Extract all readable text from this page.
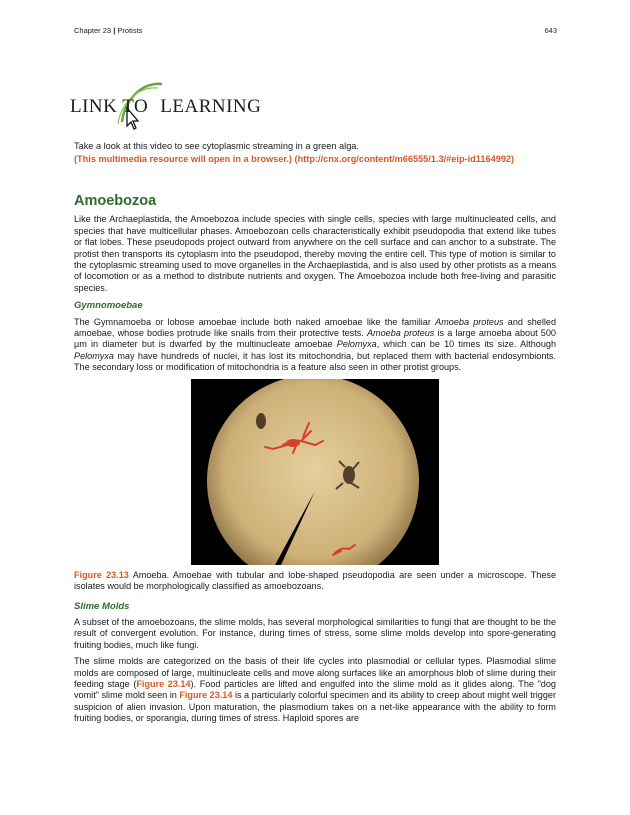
Chapter 23 | Protists	643
LINK TO LEARNING
Take a look at this video to see cytoplasmic streaming in a green alga.
(This multimedia resource will open in a browser.) (http://cnx.org/content/m66555/1.3/#eip-id1164992)
Amoebozoa

Like the Archaeplastida, the Amoebozoa include species with single cells, species with large multinucleated cells, and species that have multicellular phases. Amoebozoan cells characteristically exhibit pseudopodia that extend like tubes or flat lobes. These pseudopods project outward from anywhere on the cell surface and can anchor to a substrate. The protist then transports its cytoplasm into the pseudopod, thereby moving the entire cell. This type of motion is similar to the cytoplasmic streaming used to move organelles in the Archaeplastida, and is also used by other protists as a means of locomotion or as a method to distribute nutrients and oxygen. The Amoebozoa include both free-living and parasitic species.

Gymnomoebae

The Gymnamoeba or lobose amoebae include both naked amoebae like the familiar Amoeba proteus and shelled amoebae, whose bodies protrude like snails from their protective tests. Amoeba proteus is a large amoeba about 500 µm in diameter but is dwarfed by the multinucleate amoebae Pelomyxa, which can be 10 times its size. Although Pelomyxa may have hundreds of nuclei, it has lost its mitochondria, but replaced them with bacterial endosymbionts. The secondary loss or modification of mitochondria is a feature also seen in other protist groups.

Figure 23.13 Amoeba. Amoebae with tubular and lobe-shaped pseudopodia are seen under a microscope. These isolates would be morphologically classified as amoebozoans.

Slime Molds

A subset of the amoebozoans, the slime molds, has several morphological similarities to fungi that are thought to be the result of convergent evolution. For instance, during times of stress, some slime molds develop into spore-generating fruiting bodies, much like fungi.

The slime molds are categorized on the basis of their life cycles into plasmodial or cellular types. Plasmodial slime molds are composed of large, multinucleate cells and move along surfaces like an amorphous blob of slime during their feeding stage (Figure 23.14). Food particles are lifted and engulfed into the slime mold as it glides along. The "dog vomit" slime mold seen in Figure 23.14 is a particularly colorful specimen and its ability to creep about might well trigger suspicion of alien invasion. Upon maturation, the plasmodium takes on a net-like appearance with the ability to form fruiting bodies, or sporangia, during times of stress. Haploid spores are
